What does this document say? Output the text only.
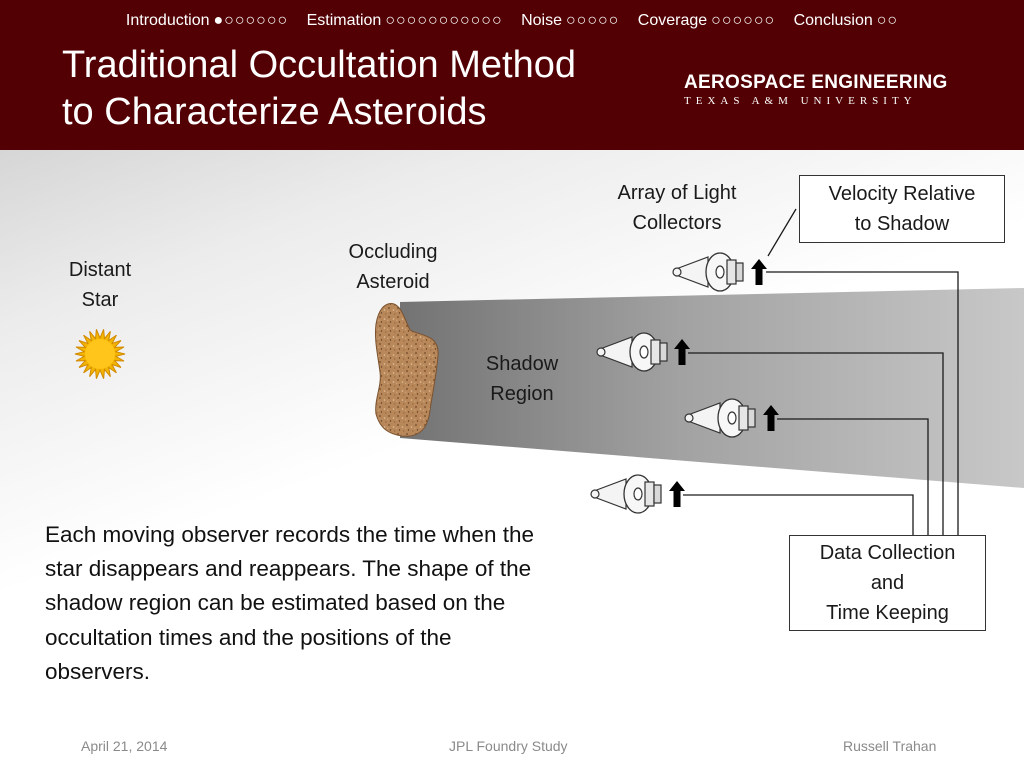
Introduction ●○○○○○○ Estimation ○○○○○○○○○○○ Noise ○○○○○ Coverage ○○○○○○ Conclusion ○○
Traditional Occultation Method
to Characterize Asteroids
AEROSPACE ENGINEERING
TEXAS A&M UNIVERSITY
Distant
Star
Occluding
Asteroid
Shadow
Region
Array of Light
Collectors
Velocity Relative
to Shadow
Data Collection
and
Time Keeping
Each moving observer records the time when the star disappears and reappears. The shape of the shadow region can be estimated based on the occultation times and the positions of the observers.
April 21, 2014	JPL Foundry Study	Russell Trahan
